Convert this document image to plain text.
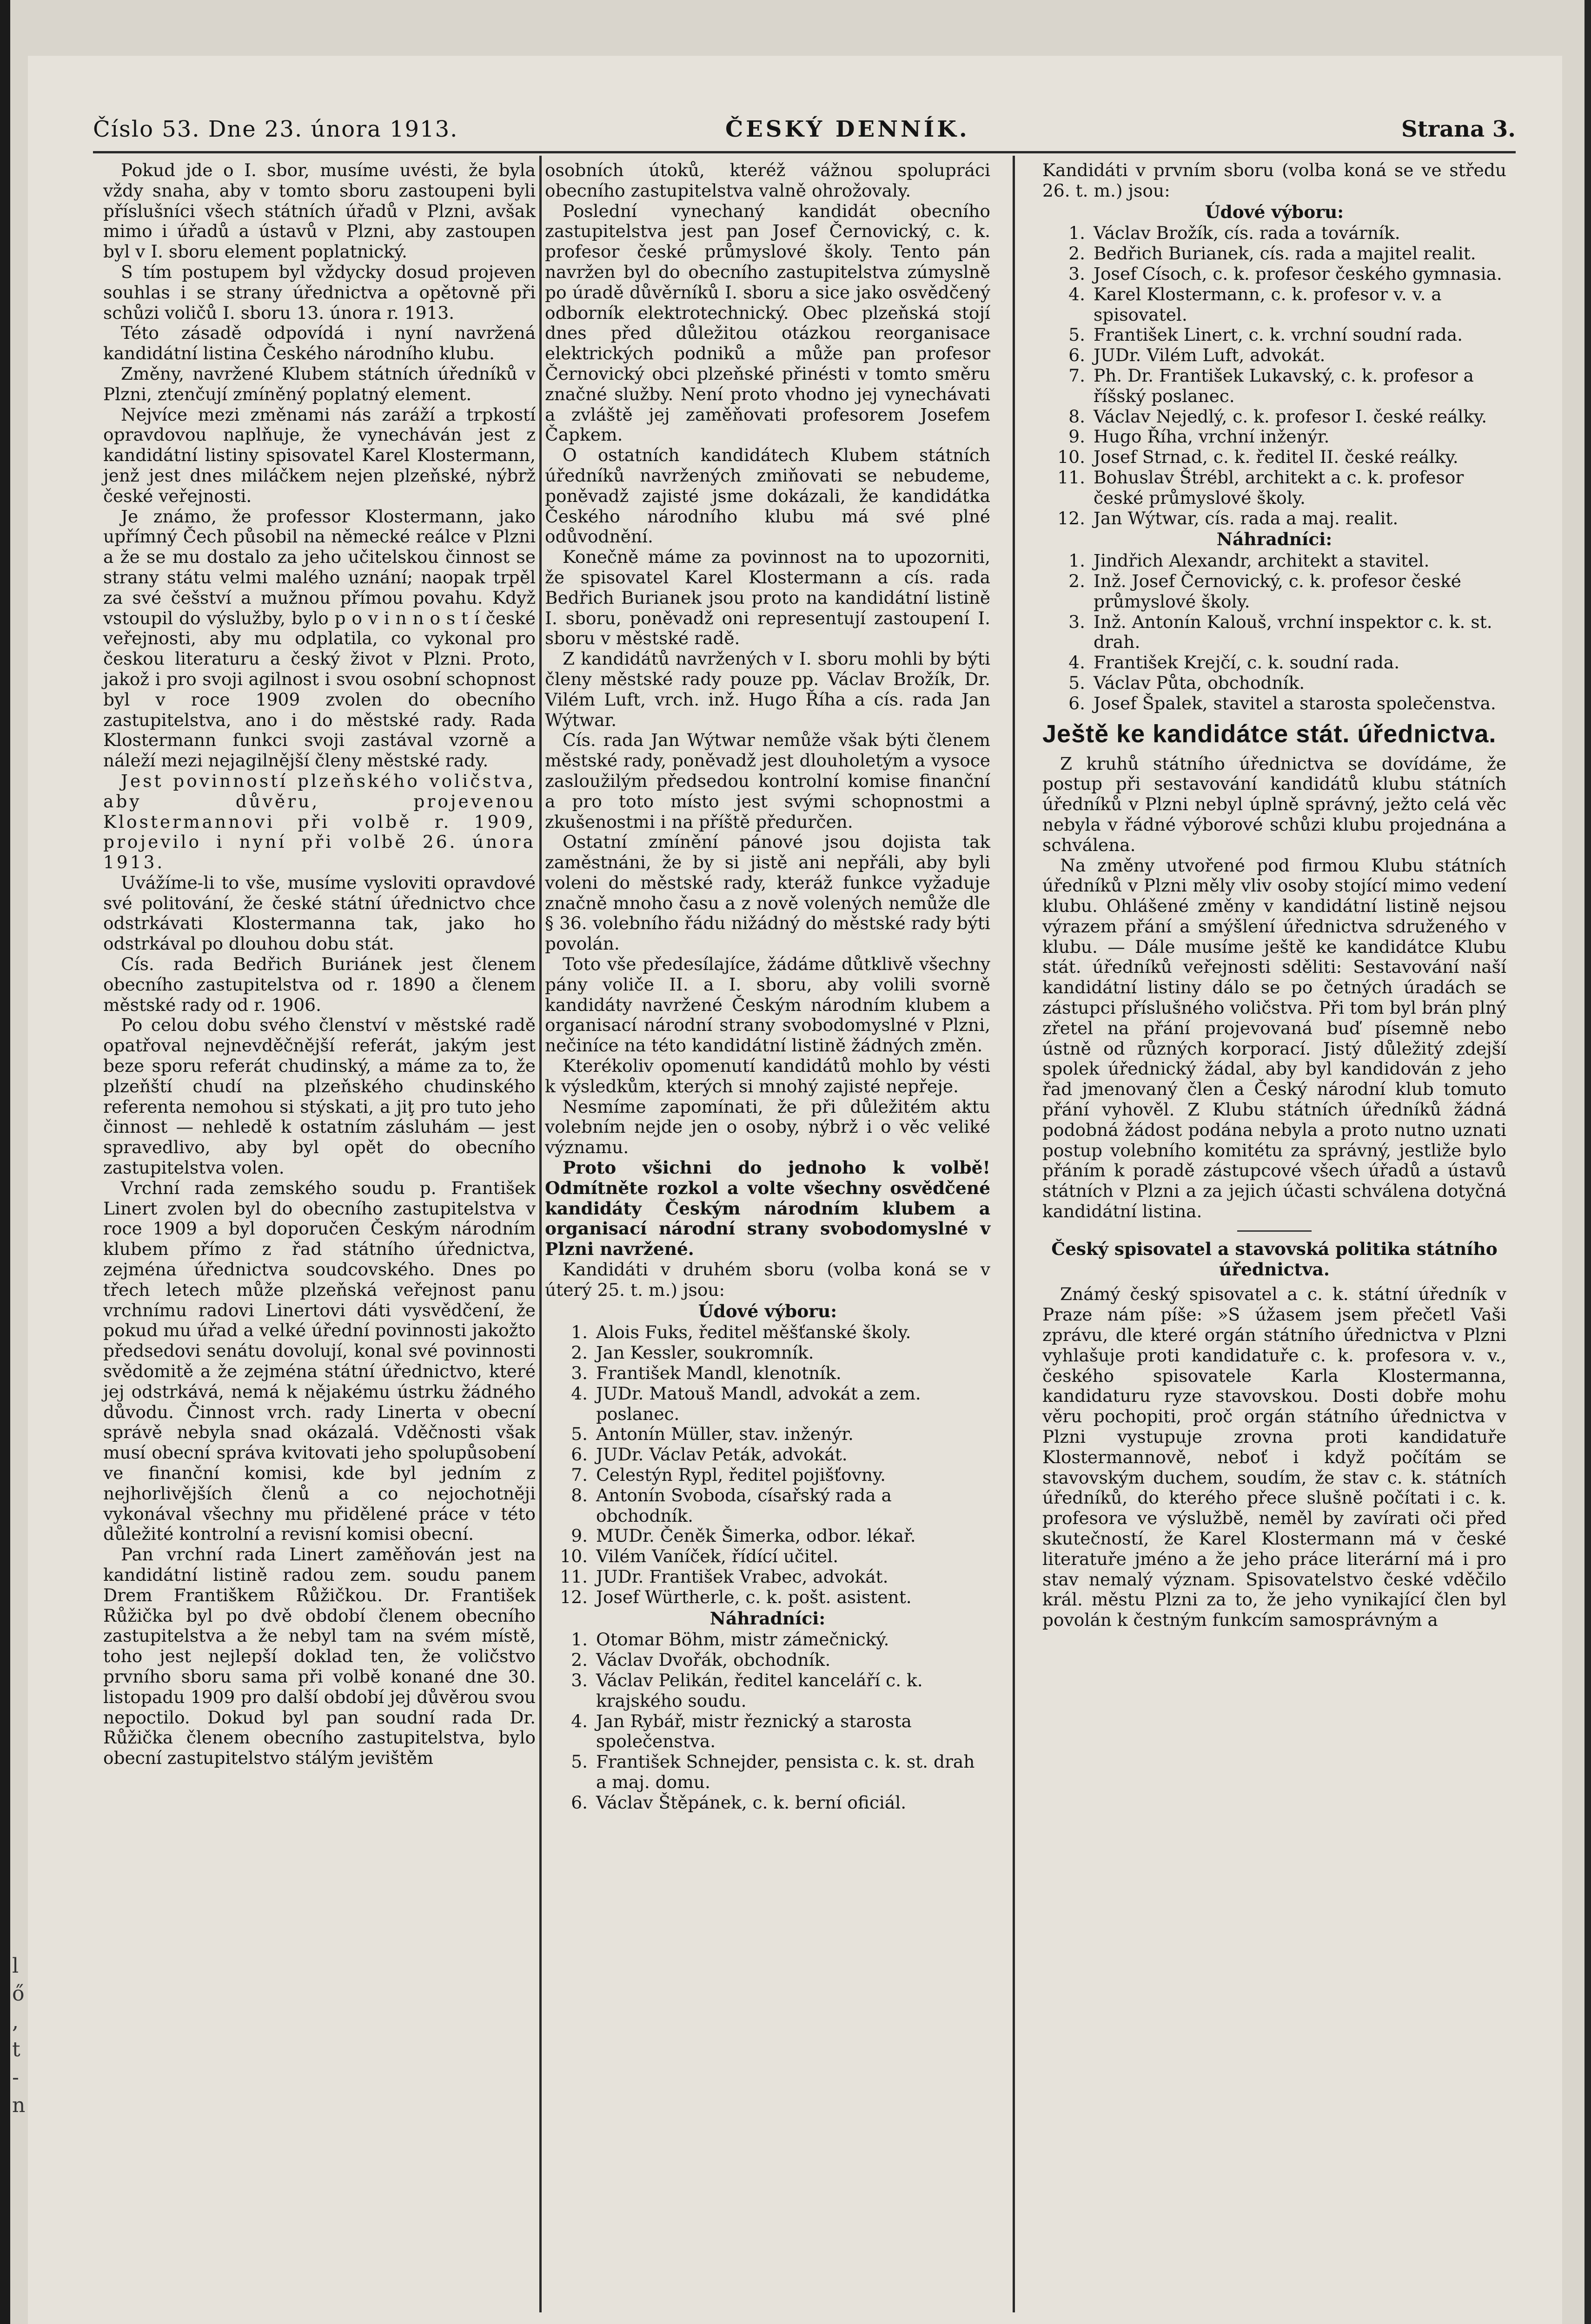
l
ő
,
t
-
n
Číslo 53. Dne 23. února 1913.	ČESKÝ DENNÍK.	Strana 3.

Pokud jde o I. sbor, musíme uvésti, že byla vždy snaha, aby v tomto sboru zastoupeni byli příslušníci všech státních úřadů v Plzni, avšak mimo i úřadů a ústavů v Plzni, aby zastoupen byl v I. sboru element poplatnický.

S tím postupem byl vždycky dosud projeven souhlas i se strany úřednictva a opětovně při schůzi voličů I. sboru 13. února r. 1913.

Této zásadě odpovídá i nyní navržená kandidátní listina Českého národního klubu.

Změny, navržené Klubem státních úředníků v Plzni, ztenčují zmíněný poplatný element.

Nejvíce mezi změnami nás zaráží a trpkostí opravdovou naplňuje, že vynecháván jest z kandidátní listiny spisovatel Karel Klostermann, jenž jest dnes miláčkem nejen plzeňské, nýbrž české veřejnosti.

Je známo, že professor Klostermann, jako upřímný Čech působil na německé reálce v Plzni a že se mu dostalo za jeho učitelskou činnost se strany státu velmi malého uznání; naopak trpěl za své češství a mužnou přímou povahu. Když vstoupil do výslužby, bylo p o v i n n o s t í české veřejnosti, aby mu odplatila, co vykonal pro českou literaturu a český život v Plzni. Proto, jakož i pro svoji agilnost i svou osobní schopnost byl v roce 1909 zvolen do obecního zastupitelstva, ano i do městské rady. Rada Klostermann funkci svoji zastával vzorně a náleží mezi nejagilnější členy městské rady.

Jest povinností plzeňského voličstva, aby důvěru, projevenou Klostermannovi při volbě r. 1909, projevilo i nyní při volbě 26. února 1913.

Uvážíme-li to vše, musíme vysloviti opravdové své politování, že české státní úřednictvo chce odstrkávati Klostermanna tak, jako ho odstrkával po dlouhou dobu stát.

Cís. rada Bedřich Buriánek jest členem obecního zastupitelstva od r. 1890 a členem městské rady od r. 1906.

Po celou dobu svého členství v městské radě opatřoval nejnevděčnější referát, jakým jest beze sporu referát chudinský, a máme za to, že plzeňští chudí na plzeňského chudinského referenta nemohou si stýskati, a jiţ pro tuto jeho činnost — nehledě k ostatním zásluhám — jest spravedlivo, aby byl opět do obecního zastupitelstva volen.

Vrchní rada zemského soudu p. František Linert zvolen byl do obecního zastupitelstva v roce 1909 a byl doporučen Českým národním klubem přímo z řad státního úřednictva, zejména úřednictva soudcovského. Dnes po třech letech může plzeňská veřejnost panu vrchnímu radovi Linertovi dáti vysvědčení, že pokud mu úřad a velké úřední povinnosti jakožto předsedovi senátu dovolují, konal své povinnosti svědomitě a že zejména státní úřednictvo, které jej odstrkává, nemá k nějakému ústrku žádného důvodu. Činnost vrch. rady Linerta v obecní správě nebyla snad okázalá. Vděčnosti však musí obecní správa kvitovati jeho spolupůsobení ve finanční komisi, kde byl jedním z nejhorlivějších členů a co nejochotněji vykonával všechny mu přidělené práce v této důležité kontrolní a revisní komisi obecní.

Pan vrchní rada Linert zaměňován jest na kandidátní listině radou zem. soudu panem Drem Františkem Růžičkou. Dr. František Růžička byl po dvě období členem obecního zastupitelstva a že nebyl tam na svém místě, toho jest nejlepší doklad ten, že voličstvo prvního sboru sama při volbě konané dne 30. listopadu 1909 pro další období jej důvěrou svou nepoctilo. Dokud byl pan soudní rada Dr. Růžička členem obecního zastupitelstva, bylo obecní zastupitelstvo stálým jevištěm

osobních útoků, kteréž vážnou spolupráci obecního zastupitelstva valně ohrožovaly.

Poslední vynechaný kandidát obecního zastupitelstva jest pan Josef Černovický, c. k. profesor české průmyslové školy. Tento pán navržen byl do obecního zastupitelstva zúmyslně po úradě důvěrníků I. sboru a sice jako osvědčený odborník elektrotechnický. Obec plzeňská stojí dnes před důležitou otázkou reorganisace elektrických podniků a může pan profesor Černovický obci plzeňské přinésti v tomto směru značné služby. Není proto vhodno jej vynechávati a zvláště jej zaměňovati profesorem Josefem Čapkem.

O ostatních kandidátech Klubem státních úředníků navržených zmiňovati se nebudeme, poněvadž zajisté jsme dokázali, že kandidátka Českého národního klubu má své plné odůvodnění.

Konečně máme za povinnost na to upozorniti, že spisovatel Karel Klostermann a cís. rada Bedřich Burianek jsou proto na kandidátní listině I. sboru, poněvadž oni representují zastoupení I. sboru v městské radě.

Z kandidátů navržených v I. sboru mohli by býti členy městské rady pouze pp. Václav Brožík, Dr. Vilém Luft, vrch. inž. Hugo Říha a cís. rada Jan Wýtwar.

Cís. rada Jan Wýtwar nemůže však býti členem městské rady, poněvadž jest dlouholetým a vysoce zasloužilým předsedou kontrolní komise finanční a pro toto místo jest svými schopnostmi a zkušenostmi i na příště předurčen.

Ostatní zmínění pánové jsou dojista tak zaměstnáni, že by si jistě ani nepřáli, aby byli voleni do městské rady, kteráž funkce vyžaduje značně mnoho času a z nově volených nemůže dle § 36. volebního řádu nižádný do městské rady býti povolán.

Toto vše předesílajíce, žádáme důtklivě všechny pány voliče II. a I. sboru, aby volili svorně kandidáty navržené Českým národním klubem a organisací národní strany svobodomyslné v Plzni, nečiníce na této kandidátní listině žádných změn.

Kterékoliv opomenutí kandidátů mohlo by vésti k výsledkům, kterých si mnohý zajisté nepřeje.

Nesmíme zapomínati, že při důležitém aktu volebním nejde jen o osoby, nýbrž i o věc veliké významu.

Proto všichni do jednoho k volbě! Odmítněte rozkol a volte všechny osvědčené kandidáty Českým národním klubem a organisací národní strany svobodomyslné v Plzni navržené.

Kandidáti v druhém sboru (volba koná se v úterý 25. t. m.) jsou:

Údové výboru:
1. Alois Fuks, ředitel měšťanské školy.
2. Jan Kessler, soukromník.
3. František Mandl, klenotník.
4. JUDr. Matouš Mandl, advokát a zem. poslanec.
5. Antonín Müller, stav. inženýr.
6. JUDr. Václav Peták, advokát.
7. Celestýn Rypl, ředitel pojišťovny.
8. Antonín Svoboda, císařský rada a obchodník.
9. MUDr. Čeněk Šimerka, odbor. lékař.
10. Vilém Vaníček, řídící učitel.
11. JUDr. František Vrabec, advokát.
12. Josef Würtherle, c. k. pošt. asistent.
Náhradníci:
1. Otomar Böhm, mistr zámečnický.
2. Václav Dvořák, obchodník.
3. Václav Pelikán, ředitel kanceláří c. k. krajského soudu.
4. Jan Rybář, mistr řeznický a starosta společenstva.
5. František Schnejder, pensista c. k. st. drah a maj. domu.
6. Václav Štěpánek, c. k. berní oficiál.

Kandidáti v prvním sboru (volba koná se ve středu 26. t. m.) jsou:

Údové výboru:
1. Václav Brožík, cís. rada a továrník.
2. Bedřich Burianek, cís. rada a majitel realit.
3. Josef Císoch, c. k. profesor českého gymnasia.
4. Karel Klostermann, c. k. profesor v. v. a spisovatel.
5. František Linert, c. k. vrchní soudní rada.
6. JUDr. Vilém Luft, advokát.
7. Ph. Dr. František Lukavský, c. k. profesor a říšský poslanec.
8. Václav Nejedlý, c. k. profesor I. české reálky.
9. Hugo Říha, vrchní inženýr.
10. Josef Strnad, c. k. ředitel II. české reálky.
11. Bohuslav Štrébl, architekt a c. k. profesor české průmyslové školy.
12. Jan Wýtwar, cís. rada a maj. realit.
Náhradníci:
1. Jindřich Alexandr, architekt a stavitel.
2. Inž. Josef Černovický, c. k. profesor české průmyslové školy.
3. Inž. Antonín Kalouš, vrchní inspektor c. k. st. drah.
4. František Krejčí, c. k. soudní rada.
5. Václav Půta, obchodník.
6. Josef Špalek, stavitel a starosta společenstva.
Ještě ke kandidátce stát. úřednictva.

Z kruhů státního úřednictva se dovídáme, že postup při sestavování kandidátů klubu státních úředníků v Plzni nebyl úplně správný, ježto celá věc nebyla v řádné výborové schůzi klubu projednána a schválena.

Na změny utvořené pod firmou Klubu státních úředníků v Plzni měly vliv osoby stojící mimo vedení klubu. Ohlášené změny v kandidátní listině nejsou výrazem přání a smýšlení úřednictva sdruženého v klubu. — Dále musíme ještě ke kandidátce Klubu stát. úředníků veřejnosti sděliti: Sestavování naší kandidátní listiny dálo se po četných úradách se zástupci příslušného voličstva. Při tom byl brán plný zřetel na přání projevovaná buď písemně nebo ústně od různých korporací. Jistý důležitý zdejší spolek úřednický žádal, aby byl kandidován z jeho řad jmenovaný člen a Český národní klub tomuto přání vyhověl. Z Klubu státních úředníků žádná podobná žádost podána nebyla a proto nutno uznati postup volebního komitétu za správný, jestliže bylo přáním k poradě zástupcové všech úřadů a ústavů státních v Plzni a za jejich účasti schválena dotyčná kandidátní listina.

Český spisovatel a stavovská politika státního úřednictva.

Známý český spisovatel a c. k. státní úředník v Praze nám píše: »S úžasem jsem přečetl Vaši zprávu, dle které orgán státního úřednictva v Plzni vyhlašuje proti kandidatuře c. k. profesora v. v., českého spisovatele Karla Klostermanna, kandidaturu ryze stavovskou. Dosti dobře mohu věru pochopiti, proč orgán státního úřednictva v Plzni vystupuje zrovna proti kandidatuře Klostermannově, neboť i když počítám se stavovským duchem, soudím, že stav c. k. státních úředníků, do kterého přece slušně počítati i c. k. profesora ve výslužbě, neměl by zavírati oči před skutečností, že Karel Klostermann má v české literatuře jméno a že jeho práce literární má i pro stav nemalý význam. Spisovatelstvo české vděčilo král. městu Plzni za to, že jeho vynikající člen byl povolán k čestným funkcím samosprávným a
